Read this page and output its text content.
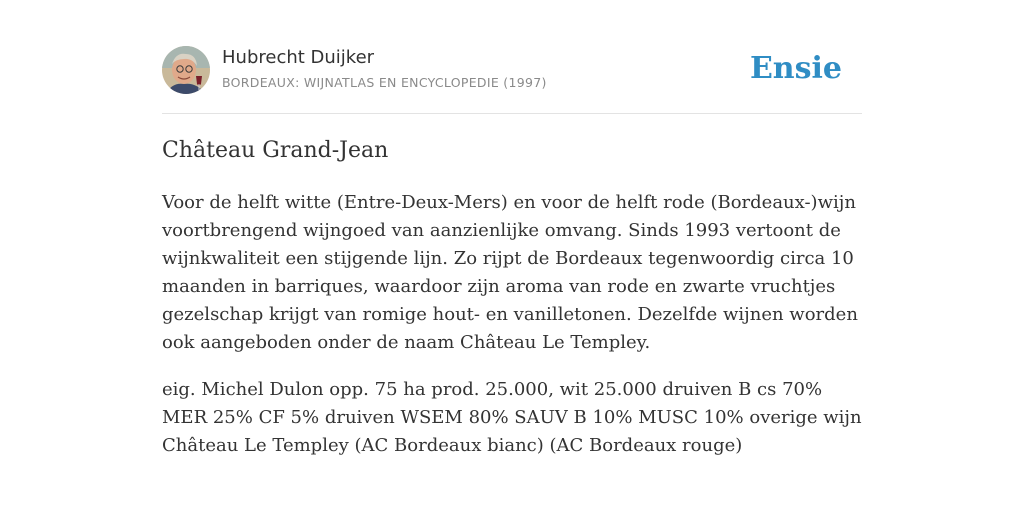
Hubrecht Duijker
BORDEAUX: WIJNATLAS EN ENCYCLOPEDIE (1997)	Ensie
Château Grand-Jean

Voor de helft witte (Entre-Deux-Mers) en voor de helft rode (Bordeaux-)wijn voortbrengend wijngoed van aanzienlijke omvang. Sinds 1993 vertoont de wijnkwaliteit een stijgende lijn. Zo rijpt de Bordeaux tegenwoordig circa 10 maanden in barriques, waardoor zijn aroma van rode en zwarte vruchtjes gezelschap krijgt van romige hout- en vanilletonen. Dezelfde wijnen worden ook aangeboden onder de naam Château Le Templey.

eig. Michel Dulon opp. 75 ha prod. 25.000, wit 25.000 druiven B cs 70% MER 25% CF 5% druiven WSEM 80% SAUV B 10% MUSC 10% overige wijn Château Le Templey (AC Bordeaux bianc) (AC Bordeaux rouge)
